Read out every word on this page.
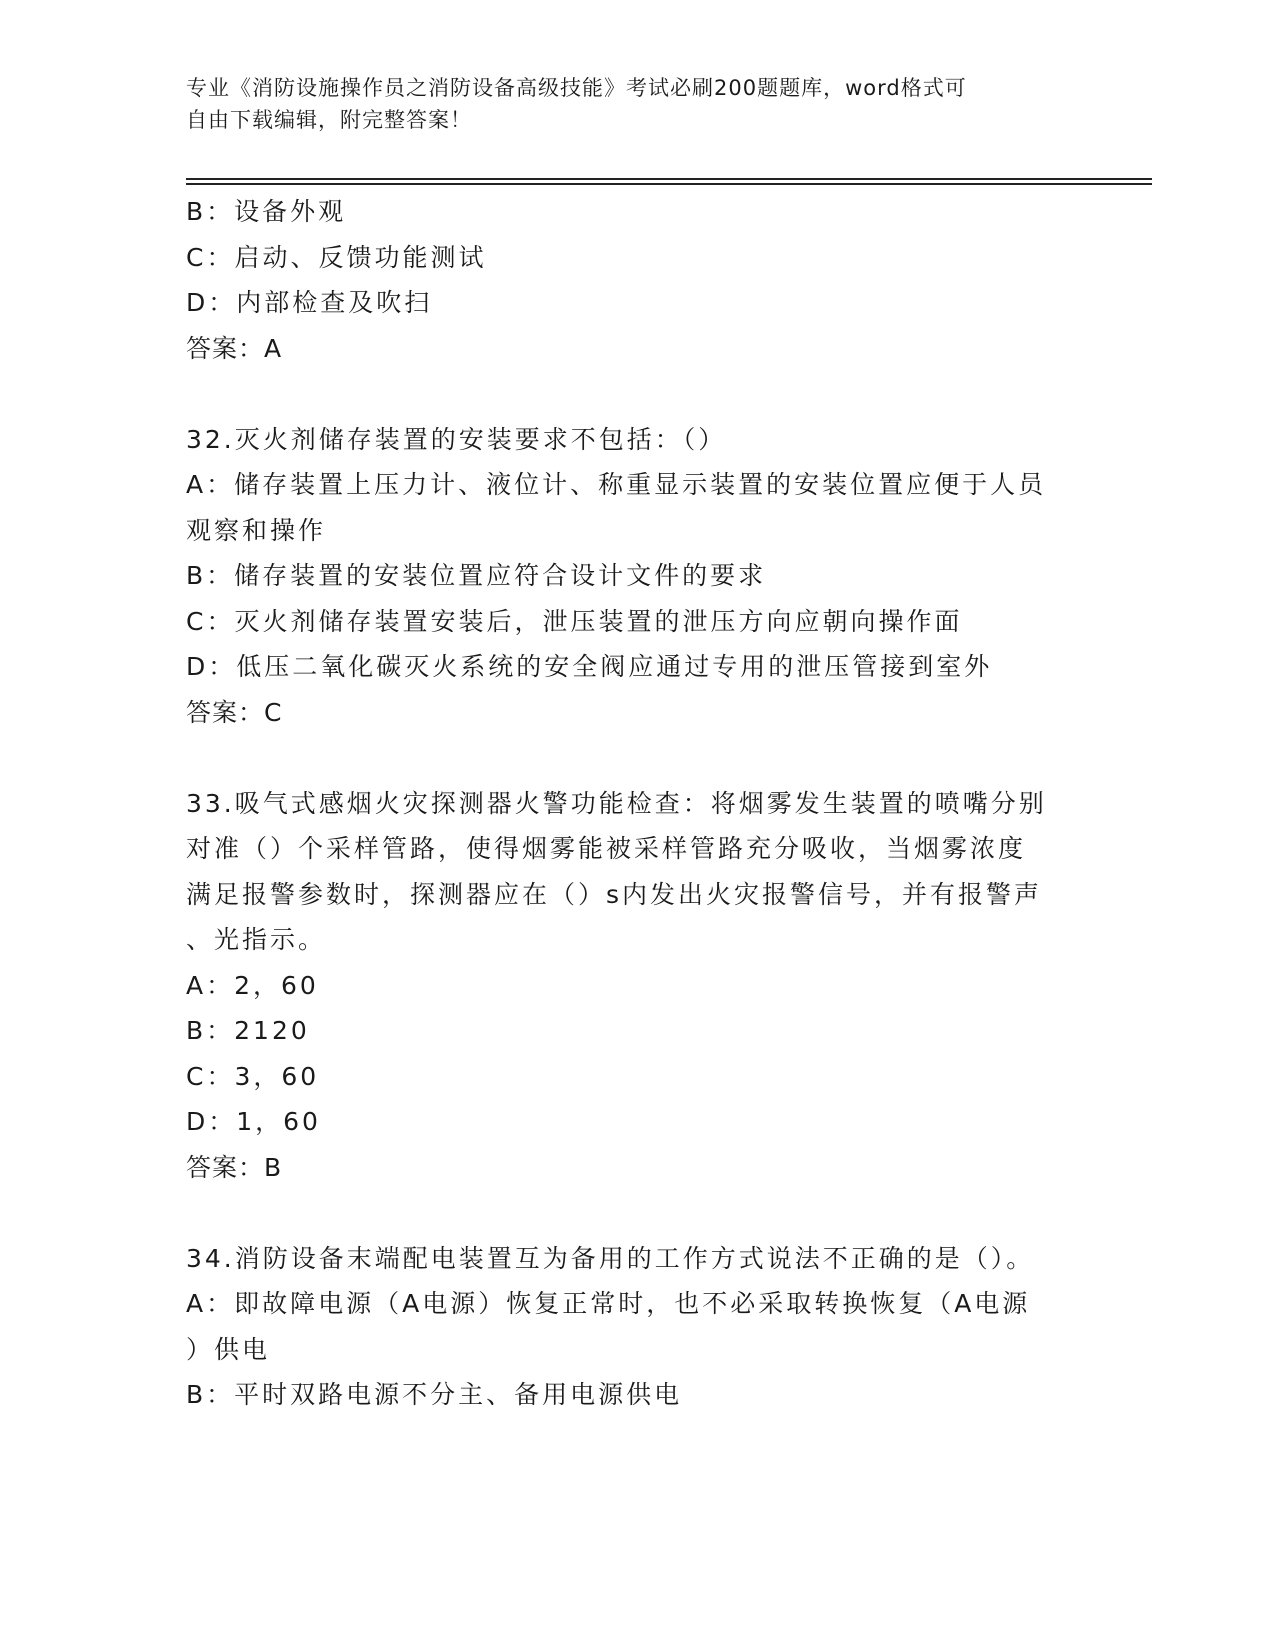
专业《消防设施操作员之消防设备高级技能》考试必刷200题题库，word格式可
自由下载编辑，附完整答案！
B：设备外观
C：启动、反馈功能测试
D：内部检查及吹扫
答案：A
32.灭火剂储存装置的安装要求不包括：（）
A：储存装置上压力计、液位计、称重显示装置的安装位置应便于人员
观察和操作
B：储存装置的安装位置应符合设计文件的要求
C：灭火剂储存装置安装后，泄压装置的泄压方向应朝向操作面
D：低压二氧化碳灭火系统的安全阀应通过专用的泄压管接到室外
答案：C
33.吸气式感烟火灾探测器火警功能检查：将烟雾发生装置的喷嘴分别
对准（）个采样管路，使得烟雾能被采样管路充分吸收，当烟雾浓度
满足报警参数时，探测器应在（）s内发出火灾报警信号，并有报警声
、光指示。
A：2，60
B：2120
C：3，60
D：1，60
答案：B
34.消防设备末端配电装置互为备用的工作方式说法不正确的是（）。
A：即故障电源（A电源）恢复正常时，也不必采取转换恢复（A电源
）供电
B：平时双路电源不分主、备用电源供电
